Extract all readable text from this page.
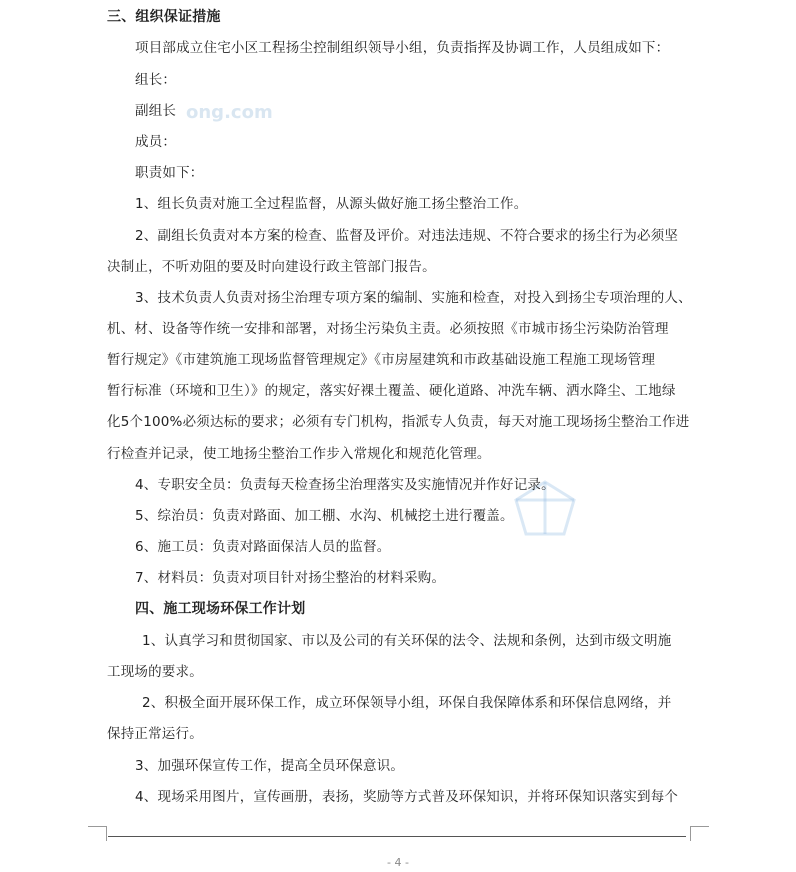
ong.com
三、组织保证措施
项目部成立住宅小区工程扬尘控制组织领导小组，负责指挥及协调工作，人员组成如下：
组长：
副组长
成员：
职责如下：
1、组长负责对施工全过程监督，从源头做好施工扬尘整治工作。
2、副组长负责对本方案的检查、监督及评价。对违法违规、不符合要求的扬尘行为必须坚
决制止，不听劝阻的要及时向建设行政主管部门报告。
3、技术负责人负责对扬尘治理专项方案的编制、实施和检查，对投入到扬尘专项治理的人、
机、材、设备等作统一安排和部署，对扬尘污染负主责。必须按照《市城市扬尘污染防治管理
暂行规定》《市建筑施工现场监督管理规定》《市房屋建筑和市政基础设施工程施工现场管理
暂行标准（环境和卫生）》的规定，落实好裸土覆盖、硬化道路、冲洗车辆、洒水降尘、工地绿
化5个100%必须达标的要求；必须有专门机构，指派专人负责，每天对施工现场扬尘整治工作进
行检查并记录，使工地扬尘整治工作步入常规化和规范化管理。
4、专职安全员：负责每天检查扬尘治理落实及实施情况并作好记录。
5、综治员：负责对路面、加工棚、水沟、机械挖土进行覆盖。
6、施工员：负责对路面保洁人员的监督。
7、材料员：负责对项目针对扬尘整治的材料采购。
四、施工现场环保工作计划
1、认真学习和贯彻国家、市以及公司的有关环保的法令、法规和条例，达到市级文明施
工现场的要求。
2、积极全面开展环保工作，成立环保领导小组，环保自我保障体系和环保信息网络，并
保持正常运行。
3、加强环保宣传工作，提高全员环保意识。
4、现场采用图片，宣传画册，表扬，奖励等方式普及环保知识，并将环保知识落实到每个
- 4 -
